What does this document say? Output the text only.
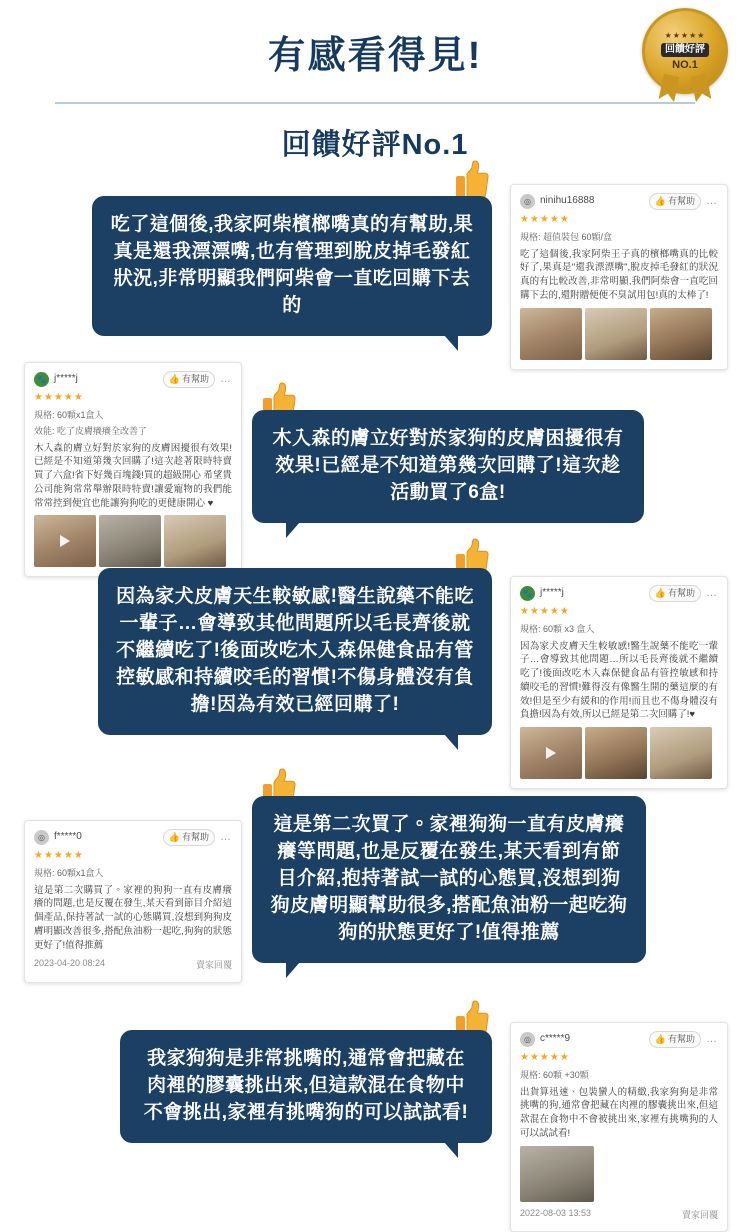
有感看得見!
回饋好評No.1
★★★★★
回饋好評
NO.1
吃了這個後,我家阿柴檳榔嘴真的有幫助,果真是還我漂漂嘴,也有管理到脫皮掉毛發紅狀況,非常明顯我們阿柴會一直吃回購下去的
◎ ninihu16888	👍 有幫助 …
★★★★★
規格: 超值裝包 60顆/盒
吃了這個後,我家阿柴王子真的檳榔嘴真的比較好了,果真是"還我漂漂嘴",脫皮掉毛發紅的狀況真的有比較改善,非常明顯,我們阿柴會一直吃回購下去的,還附贈便便不臭試用包!真的太棒了!
🐾 j*****j	👍 有幫助 …
★★★★★
規格: 60顆x1盒入
效能: 吃了皮膚癢癢全改善了
木入森的膚立好對於家狗的皮膚困擾很有效果!已經是不知道第幾次回購了!這次趁著限時特賣買了六盒!省下好幾百塊錢!買的超級開心 希望貴公司能夠常常舉辦限時特賣!讓愛寵物的我們能常常控到便宜也能讓狗狗吃的更健康開心 ♥
木入森的膚立好對於家狗的皮膚困擾很有效果!已經是不知道第幾次回購了!這次趁活動買了6盒!
因為家犬皮膚天生較敏感!醫生說藥不能吃一輩子…會導致其他問題所以毛長齊後就不繼續吃了!後面改吃木入森保健食品有管控敏感和持續咬毛的習慣!不傷身體沒有負擔!因為有效已經回購了!
🐾 j*****j	👍 有幫助 …
★★★★★
規格: 60顆 x3 盒入
因為家犬皮膚天生較敏感!醫生說藥不能吃一輩子…會導致其他問題…所以毛長齊後就不繼續吃了!後面改吃木入森保健食品有管控敏感和持續咬毛的習慣!難得沒有像醫生開的藥這麼的有效!但是至少有緩和的作用!而且也不傷身體沒有負擔!因為有效,所以已經是第二次回購了!♥
◎ f*****0	👍 有幫助 …
★★★★★
規格: 60顆x1盒入
這是第二次購買了。家裡的狗狗一直有皮膚癢癢的問題,也是反覆在發生,某天看到節目介紹這個產品,保持著試一試的心態購買,沒想到狗狗皮膚明顯改善很多,搭配魚油粉一起吃,狗狗的狀態更好了!值得推薦
2023-04-20 08:24	賣家回覆
這是第二次買了。家裡狗狗一直有皮膚癢癢等問題,也是反覆在發生,某天看到有節目介紹,抱持著試一試的心態買,沒想到狗狗皮膚明顯幫助很多,搭配魚油粉一起吃狗狗的狀態更好了!值得推薦
我家狗狗是非常挑嘴的,通常會把藏在肉裡的膠囊挑出來,但這款混在食物中不會挑出,家裡有挑嘴狗的可以試試看!
◎ c*****9	👍 有幫助 …
★★★★★
規格: 60顆 +30顆
出貨算迅速、包裝蠻人的精緻,我家狗狗是非常挑嘴的狗,通常會把藏在肉裡的膠囊挑出來,但這款混在食物中不會被挑出來,家裡有挑嘴狗的人可以試試看!
2022-08-03 13:53	賣家回覆
